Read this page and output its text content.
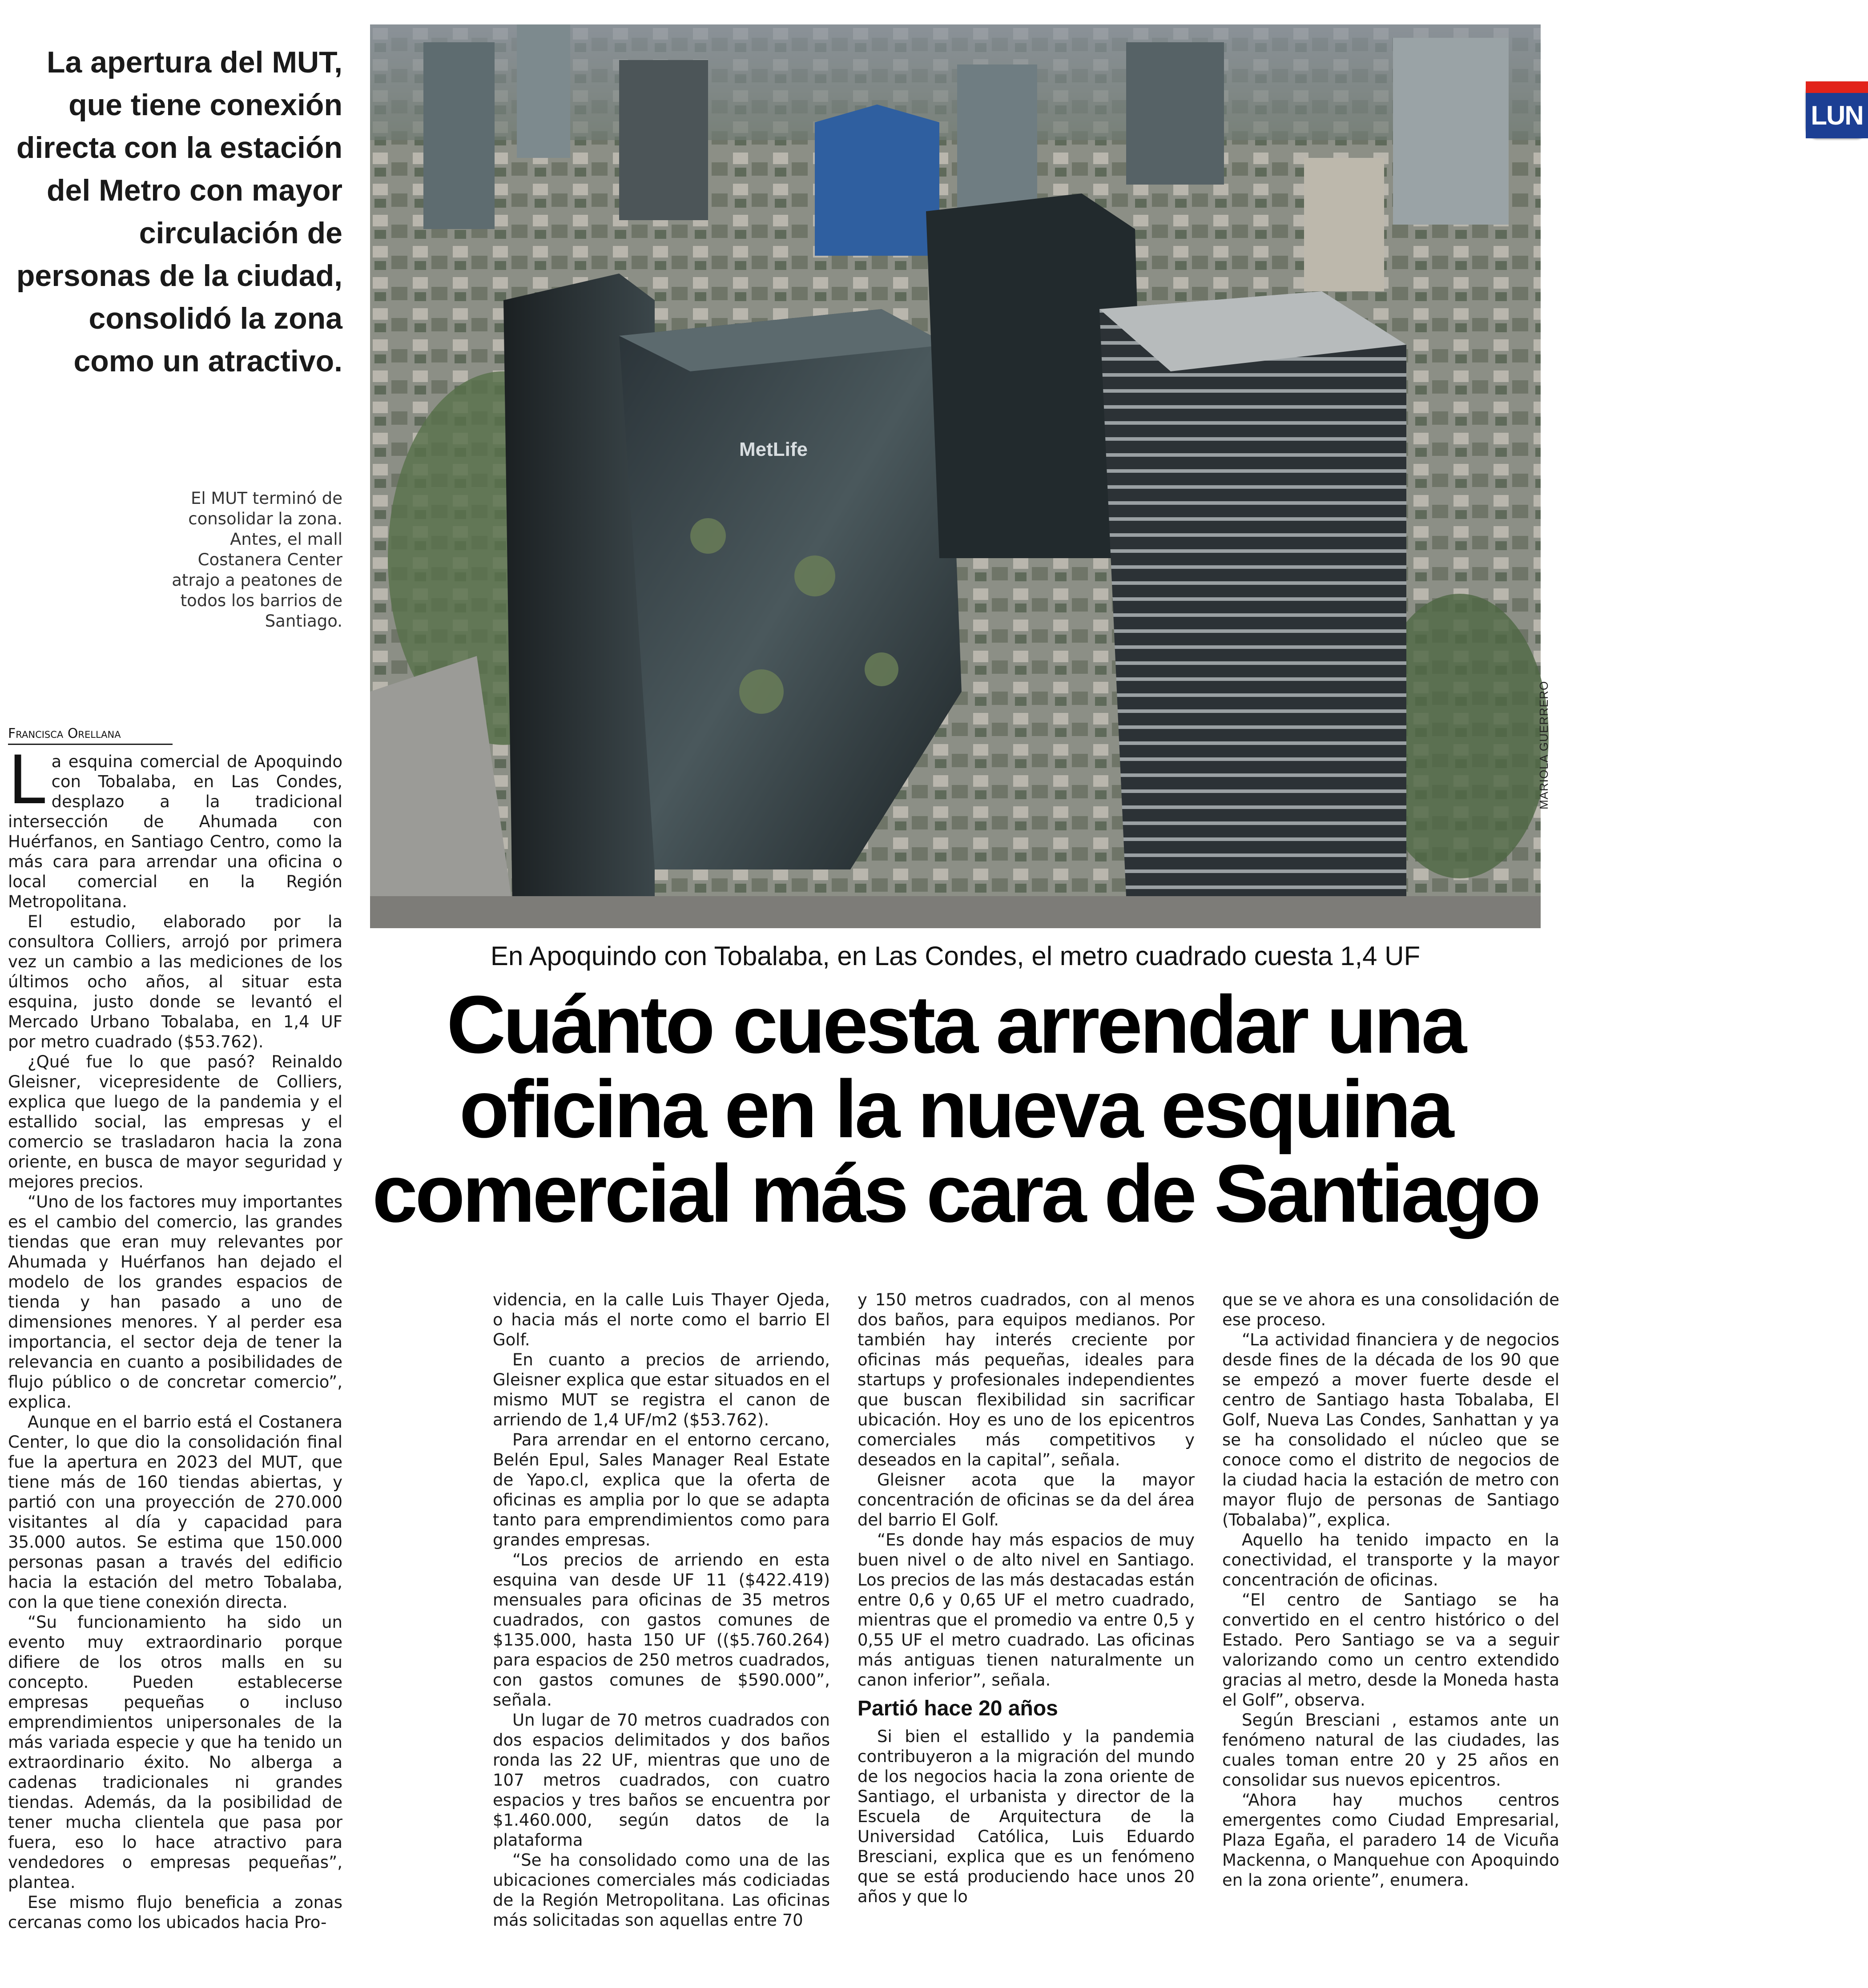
La apertura del MUT, que tiene conexión directa con la estación del Metro con mayor circulación de personas de la ciudad, consolidó la zona como un atractivo.
El MUT terminó de consolidar la zona. Antes, el mall Costanera Center atrajo a peatones de todos los barrios de Santiago.
MetLife
LUN
MARIOLA GUERRERO
En Apoquindo con Tobalaba, en Las Condes, el metro cuadrado cuesta 1,4 UF
Cuánto cuesta arrendar una
oficina en la nueva esquina
comercial más cara de Santiago
Francisca Orellana
L a esquina comercial de Apoquindo con Tobalaba, en Las Condes, desplazo a la tradicional intersección de Ahumada con Huérfanos, en Santiago Centro, como la más cara para arrendar una oficina o local comercial en la Región Metropolitana.

El estudio, elaborado por la consultora Colliers, arrojó por primera vez un cambio a las mediciones de los últimos ocho años, al situar esta esquina, justo donde se levantó el Mercado Urbano Tobalaba, en 1,4 UF por metro cuadrado ($53.762).

¿Qué fue lo que pasó? Reinaldo Gleisner, vicepresidente de Colliers, explica que luego de la pandemia y el estallido social, las empresas y el comercio se trasladaron hacia la zona oriente, en busca de mayor seguridad y mejores precios.

“Uno de los factores muy importantes es el cambio del comercio, las grandes tiendas que eran muy relevantes por Ahumada y Huérfanos han dejado el modelo de los grandes espacios de tienda y han pasado a uno de dimensiones menores. Y al perder esa importancia, el sector deja de tener la relevancia en cuanto a posibilidades de flujo público o de concretar comercio”, explica.

Aunque en el barrio está el Costanera Center, lo que dio la consolidación final fue la apertura en 2023 del MUT, que tiene más de 160 tiendas abiertas, y partió con una proyección de 270.000 visitantes al día y capacidad para 35.000 autos. Se estima que 150.000 personas pasan a través del edificio hacia la estación del metro Tobalaba, con la que tiene conexión directa.

“Su funcionamiento ha sido un evento muy extraordinario porque difiere de los otros malls en su concepto. Pueden establecerse empresas pequeñas o incluso emprendimientos unipersonales de la más variada especie y que ha tenido un extraordinario éxito. No alberga a cadenas tradicionales ni grandes tiendas. Además, da la posibilidad de tener mucha clientela que pasa por fuera, eso lo hace atractivo para vendedores o empresas pequeñas”, plantea.

Ese mismo flujo beneficia a zonas cercanas como los ubicados hacia Pro-

videncia, en la calle Luis Thayer Ojeda, o hacia más el norte como el barrio El Golf.

En cuanto a precios de arriendo, Gleisner explica que estar situados en el mismo MUT se registra el canon de arriendo de 1,4 UF/m2 ($53.762).

Para arrendar en el entorno cercano, Belén Epul, Sales Manager Real Estate de Yapo.cl, explica que la oferta de oficinas es amplia por lo que se adapta tanto para emprendimientos como para grandes empresas.

“Los precios de arriendo en esta esquina van desde UF 11 ($422.419) mensuales para oficinas de 35 metros cuadrados, con gastos comunes de $135.000, hasta 150 UF (($5.760.264) para espacios de 250 metros cuadrados, con gastos comunes de $590.000”, señala.

Un lugar de 70 metros cuadrados con dos espacios delimitados y dos baños ronda las 22 UF, mientras que uno de 107 metros cuadrados, con cuatro espacios y tres baños se encuentra por $1.460.000, según datos de la plataforma

“Se ha consolidado como una de las ubicaciones comerciales más codiciadas de la Región Metropolitana. Las oficinas más solicitadas son aquellas entre 70

y 150 metros cuadrados, con al menos dos baños, para equipos medianos. Por también hay interés creciente por oficinas más pequeñas, ideales para startups y profesionales independientes que buscan flexibilidad sin sacrificar ubicación. Hoy es uno de los epicentros comerciales más competitivos y deseados en la capital”, señala.

Gleisner acota que la mayor concentración de oficinas se da del área del barrio El Golf.

“Es donde hay más espacios de muy buen nivel o de alto nivel en Santiago. Los precios de las más destacadas están entre 0,6 y 0,65 UF el metro cuadrado, mientras que el promedio va entre 0,5 y 0,55 UF el metro cuadrado. Las oficinas más antiguas tienen naturalmente un canon inferior”, señala.

Partió hace 20 años

Si bien el estallido y la pandemia contribuyeron a la migración del mundo de los negocios hacia la zona oriente de Santiago, el urbanista y director de la Escuela de Arquitectura de la Universidad Católica, Luis Eduardo Bresciani, explica que es un fenómeno que se está produciendo hace unos 20 años y que lo

que se ve ahora es una consolidación de ese proceso.

“La actividad financiera y de negocios desde fines de la década de los 90 que se empezó a mover fuerte desde el centro de Santiago hasta Tobalaba, El Golf, Nueva Las Condes, Sanhattan y ya se ha consolidado el núcleo que se conoce como el distrito de negocios de la ciudad hacia la estación de metro con mayor flujo de personas de Santiago (Tobalaba)”, explica.

Aquello ha tenido impacto en la conectividad, el transporte y la mayor concentración de oficinas.

“El centro de Santiago se ha convertido en el centro histórico o del Estado. Pero Santiago se va a seguir valorizando como un centro extendido gracias al metro, desde la Moneda hasta el Golf”, observa.

Según Bresciani , estamos ante un fenómeno natural de las ciudades, las cuales toman entre 20 y 25 años en consolidar sus nuevos epicentros.

“Ahora hay muchos centros emergentes como Ciudad Empresarial, Plaza Egaña, el paradero 14 de Vicuña Mackenna, o Manquehue con Apoquindo en la zona oriente”, enumera.
